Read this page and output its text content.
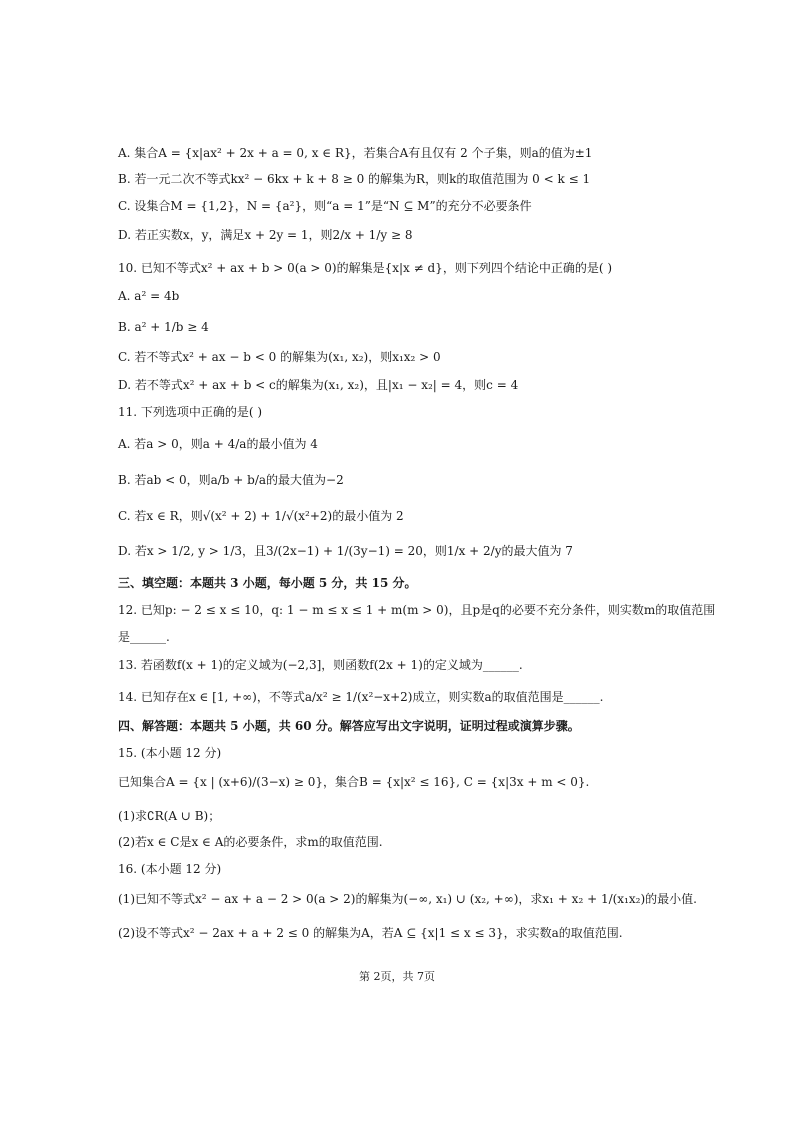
A. 集合A = {x|ax² + 2x + a = 0, x ∈ R}，若集合A有且仅有 2 个子集，则a的值为±1
B. 若一元二次不等式kx² − 6kx + k + 8 ≥ 0 的解集为R，则k的取值范围为 0 < k ≤ 1
C. 设集合M = {1,2}，N = {a²}，则“a = 1”是“N ⊆ M”的充分不必要条件
D. 若正实数x，y，满足x + 2y = 1，则2/x + 1/y ≥ 8
10. 已知不等式x² + ax + b > 0(a > 0)的解集是{x|x ≠ d}，则下列四个结论中正确的是( )
A. a² = 4b
B. a² + 1/b ≥ 4
C. 若不等式x² + ax − b < 0 的解集为(x₁, x₂)，则x₁x₂ > 0
D. 若不等式x² + ax + b < c的解集为(x₁, x₂)，且|x₁ − x₂| = 4，则c = 4
11. 下列选项中正确的是( )
A. 若a > 0，则a + 4/a的最小值为 4
B. 若ab < 0，则a/b + b/a的最大值为−2
C. 若x ∈ R，则√(x² + 2) + 1/√(x²+2)的最小值为 2
D. 若x > 1/2, y > 1/3，且3/(2x−1) + 1/(3y−1) = 20，则1/x + 2/y的最大值为 7
三、填空题：本题共 3 小题，每小题 5 分，共 15 分。
12. 已知p: − 2 ≤ x ≤ 10，q: 1 − m ≤ x ≤ 1 + m(m > 0)，且p是q的必要不充分条件，则实数m的取值范围
是______.
13. 若函数f(x + 1)的定义域为(−2,3]，则函数f(2x + 1)的定义域为______.
14. 已知存在x ∈ [1, +∞)，不等式a/x² ≥ 1/(x²−x+2)成立，则实数a的取值范围是______.
四、解答题：本题共 5 小题，共 60 分。解答应写出文字说明，证明过程或演算步骤。
15. (本小题 12 分)
已知集合A = {x | (x+6)/(3−x) ≥ 0}，集合B = {x|x² ≤ 16}, C = {x|3x + m < 0}.
(1)求∁R(A ∪ B)；
(2)若x ∈ C是x ∈ A的必要条件，求m的取值范围.
16. (本小题 12 分)
(1)已知不等式x² − ax + a − 2 > 0(a > 2)的解集为(−∞, x₁) ∪ (x₂, +∞)，求x₁ + x₂ + 1/(x₁x₂)的最小值.
(2)设不等式x² − 2ax + a + 2 ≤ 0 的解集为A，若A ⊆ {x|1 ≤ x ≤ 3}，求实数a的取值范围.
第 2页，共 7页
